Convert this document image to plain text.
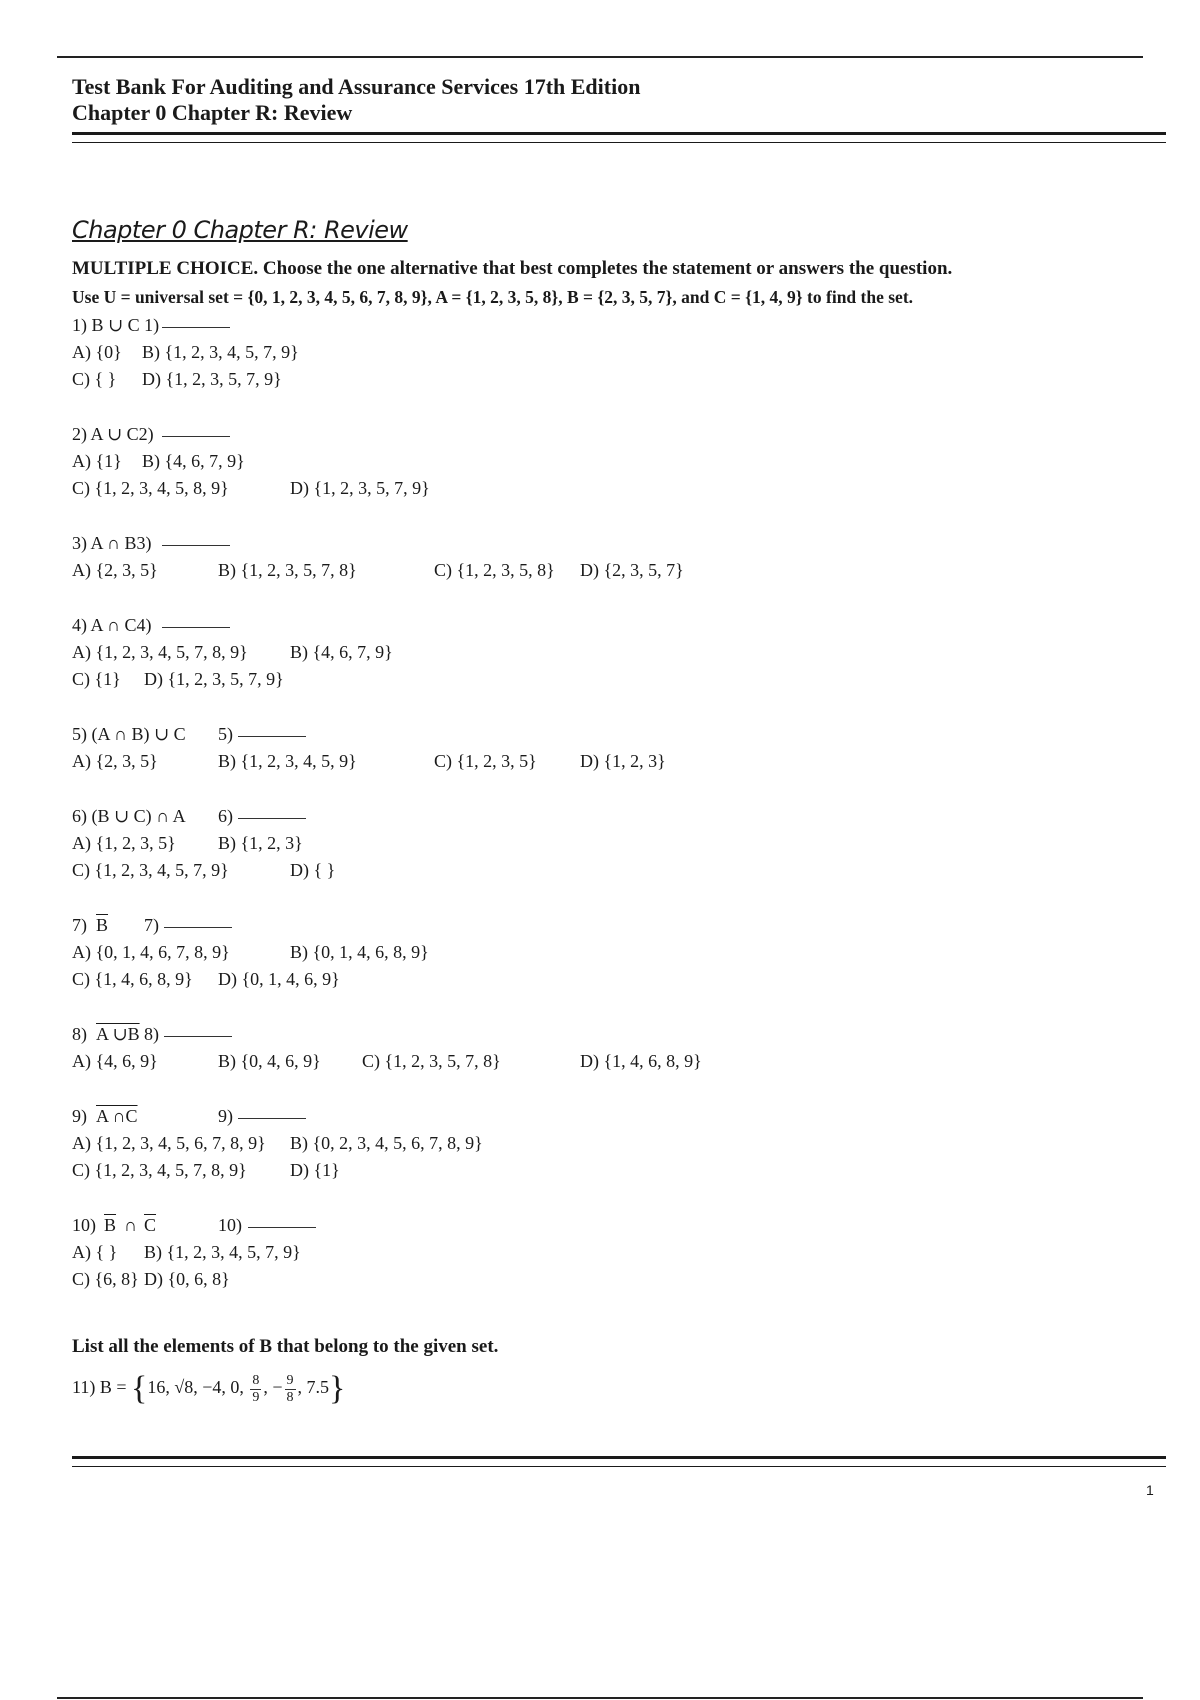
Test Bank For Auditing and Assurance Services 17th Edition
Chapter 0 Chapter R: Review
Chapter 0 Chapter R: Review
MULTIPLE CHOICE. Choose the one alternative that best completes the statement or answers the question.
Use U = universal set = {0, 1, 2, 3, 4, 5, 6, 7, 8, 9}, A = {1, 2, 3, 5, 8}, B = {2, 3, 5, 7}, and C = {1, 4, 9} to find the set.
1) B ∪ C 1)
A) {0} B) {1, 2, 3, 4, 5, 7, 9}
C) { } D) {1, 2, 3, 5, 7, 9}
2) A ∪ C2)
A) {1} B) {4, 6, 7, 9}
C) {1, 2, 3, 4, 5, 8, 9}	D) {1, 2, 3, 5, 7, 9}
3) A ∩ B3)
A) {2, 3, 5}	B) {1, 2, 3, 5, 7, 8}	C) {1, 2, 3, 5, 8} D) {2, 3, 5, 7}
4) A ∩ C4)
A) {1, 2, 3, 4, 5, 7, 8, 9} B) {4, 6, 7, 9}
C) {1} D) {1, 2, 3, 5, 7, 9}
5) (A ∩ B) ∪ C 5)
A) {2, 3, 5}	B) {1, 2, 3, 4, 5, 9}	C) {1, 2, 3, 5} D) {1, 2, 3}
6) (B ∪ C) ∩ A 6)
A) {1, 2, 3, 5} B) {1, 2, 3}
C) {1, 2, 3, 4, 5, 7, 9}	D) { }
7) $\overline{B}$ 7)
A) {0, 1, 4, 6, 7, 8, 9}	B) {0, 1, 4, 6, 8, 9}
C) {1, 4, 6, 8, 9} D) {0, 1, 4, 6, 9}
8) A ∪B 8)
A) {4, 6, 9}	B) {0, 4, 6, 9} C) {1, 2, 3, 5, 7, 8}	D) {1, 4, 6, 8, 9}
9) A ∩C	9)
A) {1, 2, 3, 4, 5, 6, 7, 8, 9} B) {0, 2, 3, 4, 5, 6, 7, 8, 9}
C) {1, 2, 3, 4, 5, 7, 8, 9} D) {1}
10) $\overline{B}$ ∩ $\overline{C}$	10)
A) { } B) {1, 2, 3, 4, 5, 7, 9}
C) {6, 8} D) {0, 6, 8}
List all the elements of B that belong to the given set.
11) B = {16, √8, −4, 0, $\frac{8}{9}$ , − $\frac{9}{8}$ , 7.5}
1
